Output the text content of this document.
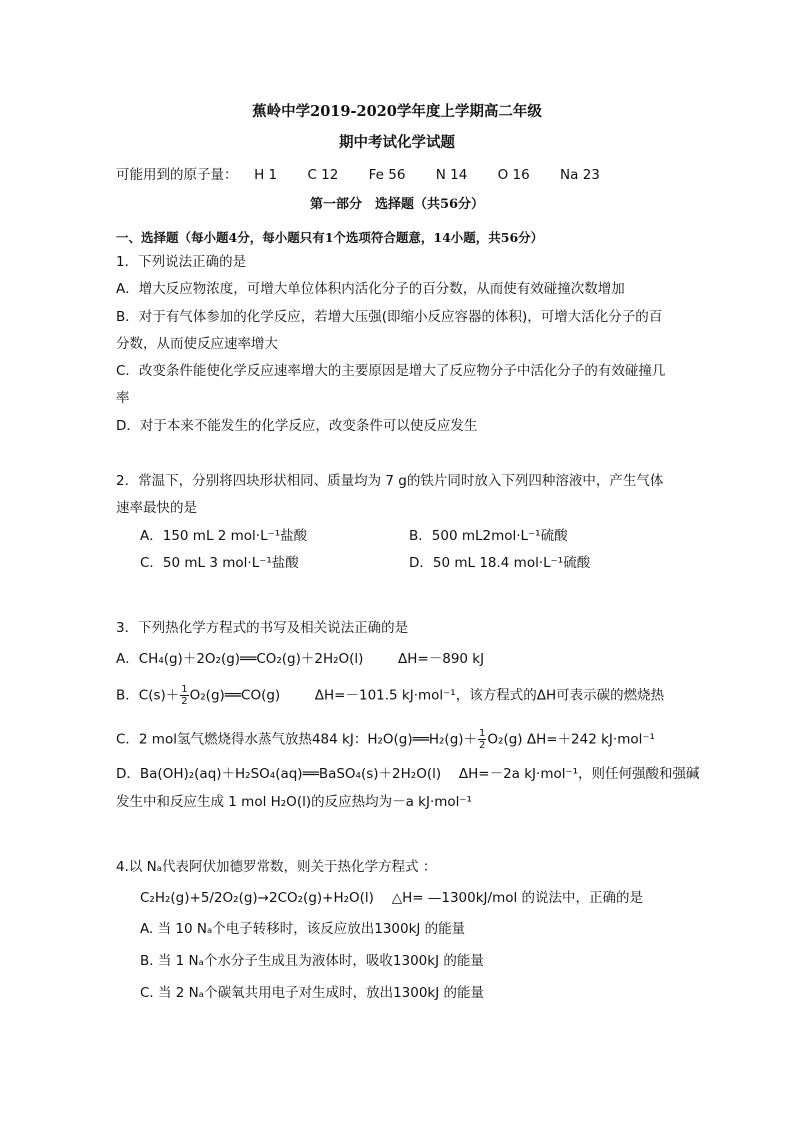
蕉岭中学2019-2020学年度上学期高二年级
期中考试化学试题
可能用到的原子量： H 1 C 12 Fe 56 N 14 O 16 Na 23
第一部分　选择题（共56分）
一、选择题（每小题4分，每小题只有1个选项符合题意，14小题，共56分）
1．下列说法正确的是
A．增大反应物浓度，可增大单位体积内活化分子的百分数，从而使有效碰撞次数增加
B．对于有气体参加的化学反应，若增大压强(即缩小反应容器的体积)，可增大活化分子的百
分数，从而使反应速率增大
C．改变条件能使化学反应速率增大的主要原因是增大了反应物分子中活化分子的有效碰撞几
率
D．对于本来不能发生的化学反应，改变条件可以使反应发生
2．常温下，分别将四块形状相同、质量均为 7 g的铁片同时放入下列四种溶液中，产生气体
速率最快的是
A．150 mL 2 mol·L⁻¹盐酸	B．500 mL2mol·L⁻¹硫酸
C．50 mL 3 mol·L⁻¹盐酸	D．50 mL 18.4 mol·L⁻¹硫酸
3．下列热化学方程式的书写及相关说法正确的是
A．CH₄(g)＋2O₂(g)══CO₂(g)＋2H₂O(l)	ΔH=－890 kJ
B．$C(s)+ \frac{1}{2}$ O₂(g)══CO(g)	ΔH=－101.5 kJ·mol⁻¹，该方程式的ΔH可表示碳的燃烧热
C．2 mol氢气燃烧得水蒸气放热484 kJ：H₂O(g)══H₂(g)＋ $\frac{1}{2} O_2(g)$ ΔH=＋242 kJ·mol⁻¹
D．Ba(OH)₂(aq)＋H₂SO₄(aq)══BaSO₄(s)＋2H₂O(l)　 ΔH=－2a kJ·mol⁻¹，则任何强酸和强碱
发生中和反应生成 1 mol H₂O(l)的反应热均为－a kJ·mol⁻¹
4.以 Nₐ代表阿伏加德罗常数，则关于热化学方程式 ：
C₂H₂(g)+5/2O₂(g)→2CO₂(g)+H₂O(l)　 △H= —1300kJ/mol 的说法中，正确的是
A. 当 10 Nₐ个电子转移时，该反应放出1300kJ 的能量
B. 当 1 Nₐ个水分子生成且为液体时，吸收1300kJ 的能量
C. 当 2 Nₐ个碳氧共用电子对生成时，放出1300kJ 的能量
